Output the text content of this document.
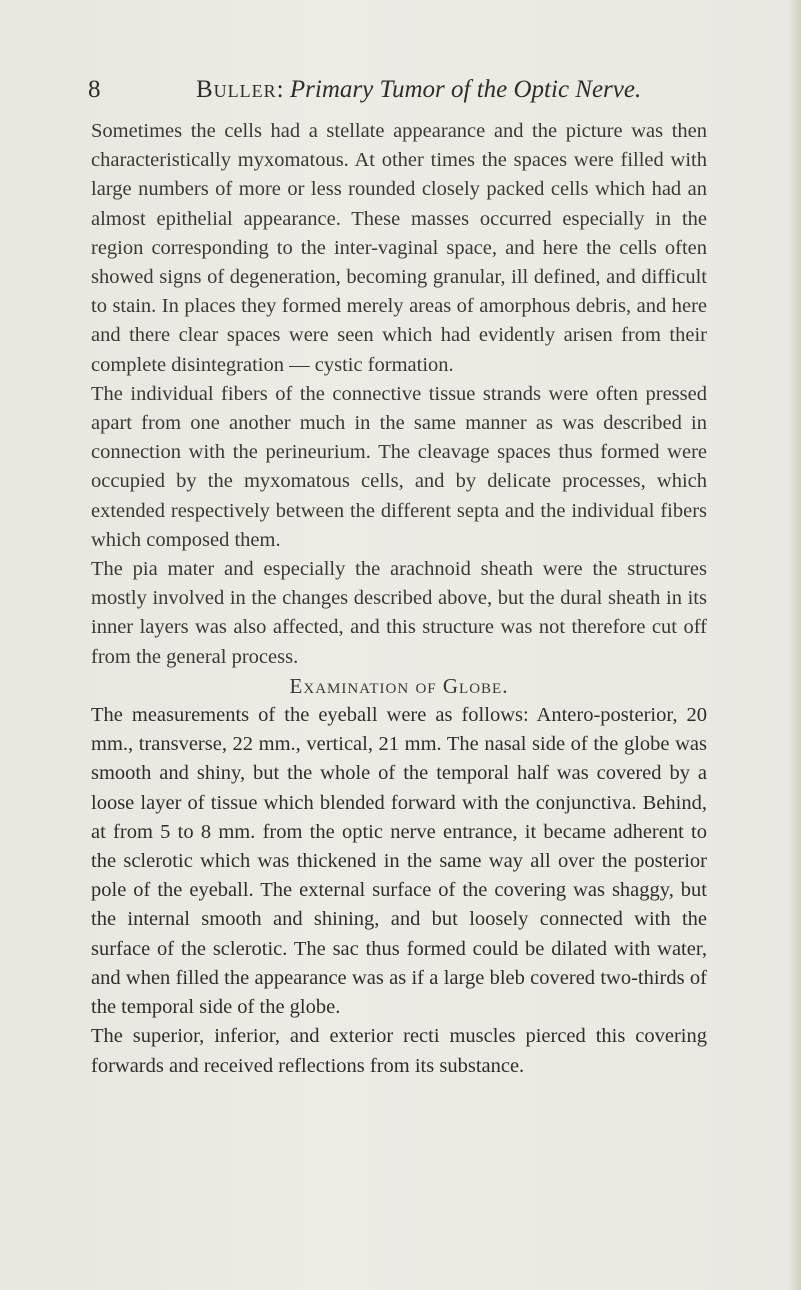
8	Buller: Primary Tumor of the Optic Nerve.

Sometimes the cells had a stellate appearance and the picture was then characteristically myxomatous. At other times the spaces were filled with large numbers of more or less rounded closely packed cells which had an almost epithelial appearance. These masses occurred especially in the region corresponding to the inter-vaginal space, and here the cells often showed signs of degeneration, becoming granular, ill defined, and difficult to stain. In places they formed merely areas of amorphous debris, and here and there clear spaces were seen which had evidently arisen from their complete disintegration — cystic formation.

The individual fibers of the connective tissue strands were often pressed apart from one another much in the same manner as was described in connection with the perineurium. The cleavage spaces thus formed were occupied by the myxomatous cells, and by delicate processes, which extended respectively between the different septa and the individual fibers which composed them.

The pia mater and especially the arachnoid sheath were the structures mostly involved in the changes described above, but the dural sheath in its inner layers was also affected, and this structure was not therefore cut off from the general process.

Examination of Globe.

The measurements of the eyeball were as follows: Antero-posterior, 20 mm., transverse, 22 mm., vertical, 21 mm. The nasal side of the globe was smooth and shiny, but the whole of the temporal half was covered by a loose layer of tissue which blended forward with the conjunctiva. Behind, at from 5 to 8 mm. from the optic nerve entrance, it became adherent to the sclerotic which was thickened in the same way all over the posterior pole of the eyeball. The external surface of the covering was shaggy, but the internal smooth and shining, and but loosely connected with the surface of the sclerotic. The sac thus formed could be dilated with water, and when filled the appearance was as if a large bleb covered two-thirds of the temporal side of the globe.

The superior, inferior, and exterior recti muscles pierced this covering forwards and received reflections from its substance.
